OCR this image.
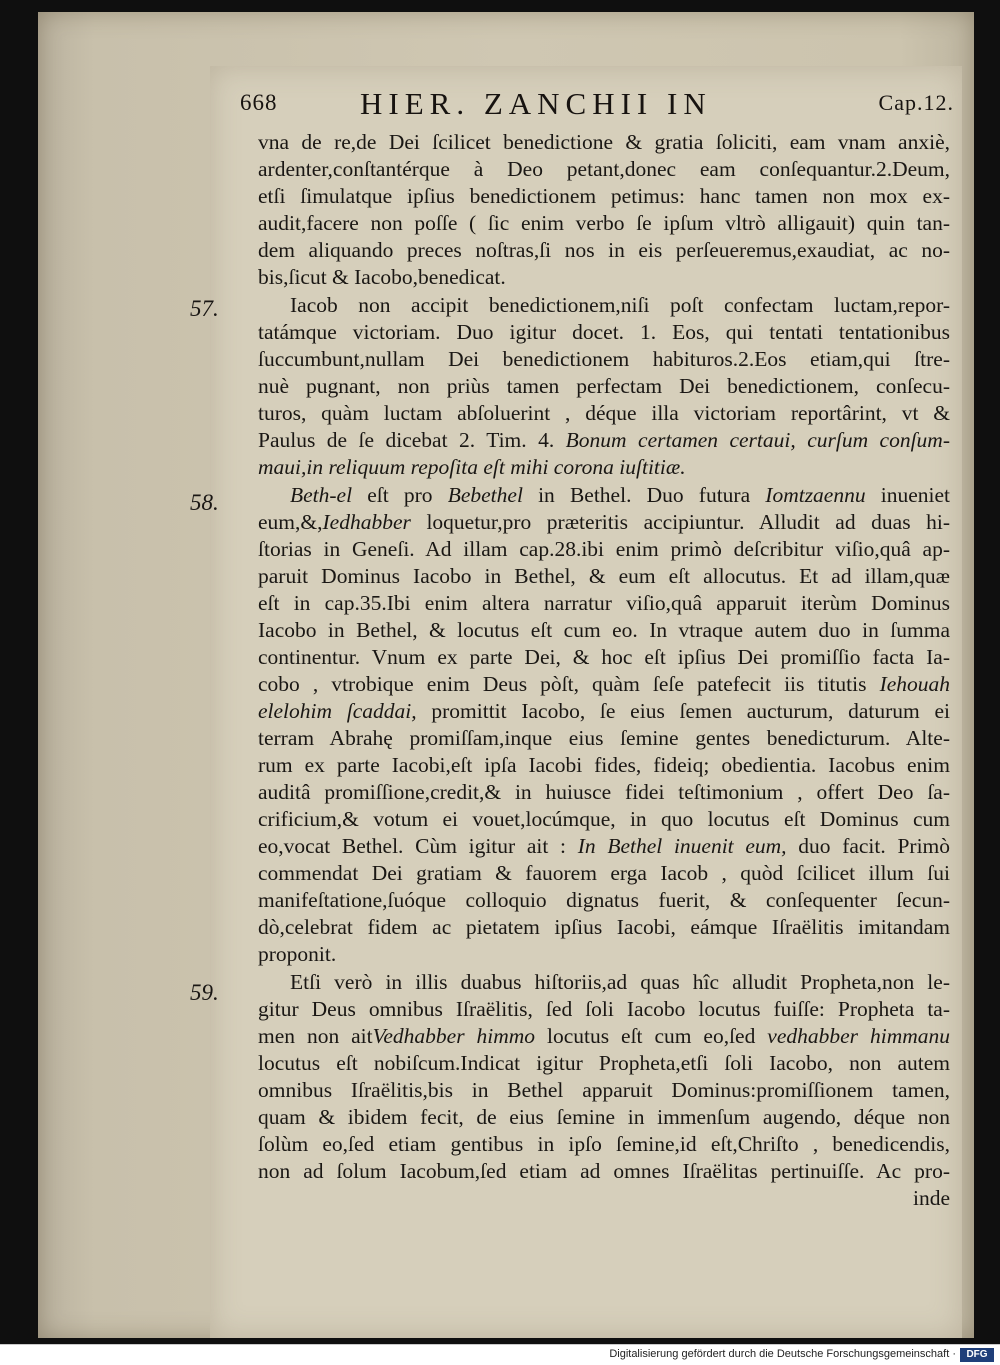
668	HIER. ZANCHII IN	Cap.12.
57.
58.
59.
vna de re,de Dei ſcilicet benedictione & gratia ſoliciti, eam vnam anxiè,
ardenter,conſtantérque à Deo petant,donec eam conſequantur.2.Deum,
etſi ſimulatque ipſius benedictionem petimus: hanc tamen non mox ex-
audit,facere non poſſe ( ſic enim verbo ſe ipſum vltrò alligauit) quin tan-
dem aliquando preces noſtras,ſi nos in eis perſeueremus,exaudiat, ac no-
bis,ſicut & Iacobo,benedicat.
Iacob non accipit benedictionem,niſi poſt confectam luctam,repor-
tatámque victoriam. Duo igitur docet. 1. Eos, qui tentati tentationibus
ſuccumbunt,nullam Dei benedictionem habituros.2.Eos etiam,qui ſtre-
nuè pugnant, non priùs tamen perfectam Dei benedictionem, conſecu-
turos, quàm luctam abſoluerint , déque illa victoriam reportârint, vt &
Paulus de ſe dicebat 2. Tim. 4. Bonum certamen certaui, curſum conſum-
maui,in reliquum repoſita eſt mihi corona iuſtitiæ.
Beth-el eſt pro Bebethel in Bethel. Duo futura Iomtzaennu inueniet
eum,&,Iedhabber loquetur,pro præteritis accipiuntur. Alludit ad duas hi-
ſtorias in Geneſi. Ad illam cap.28.ibi enim primò deſcribitur viſio,quâ ap-
paruit Dominus Iacobo in Bethel, & eum eſt allocutus. Et ad illam,quæ
eſt in cap.35.Ibi enim altera narratur viſio,quâ apparuit iterùm Dominus
Iacobo in Bethel, & locutus eſt cum eo. In vtraque autem duo in ſumma
continentur. Vnum ex parte Dei, & hoc eſt ipſius Dei promiſſio facta Ia-
cobo , vtrobique enim Deus pòſt, quàm ſeſe patefecit iis titutis Iehouah
elelohim ſcaddai, promittit Iacobo, ſe eius ſemen aucturum, daturum ei
terram Abrahę promiſſam,inque eius ſemine gentes benedicturum. Alte-
rum ex parte Iacobi,eſt ipſa Iacobi fides, fideiq; obedientia. Iacobus enim
auditâ promiſſione,credit,& in huiusce fidei teſtimonium , offert Deo ſa-
crificium,& votum ei vouet,locúmque, in quo locutus eſt Dominus cum
eo,vocat Bethel. Cùm igitur ait : In Bethel inuenit eum, duo facit. Primò
commendat Dei gratiam & fauorem erga Iacob , quòd ſcilicet illum ſui
manifeſtatione,ſuóque colloquio dignatus fuerit, & conſequenter ſecun-
dò,celebrat fidem ac pietatem ipſius Iacobi, eámque Iſraëlitis imitandam
proponit.
Etſi verò in illis duabus hiſtoriis,ad quas hîc alludit Propheta,non le-
gitur Deus omnibus Iſraëlitis, ſed ſoli Iacobo locutus fuiſſe: Propheta ta-
men non aitVedhabber himmo locutus eſt cum eo,ſed vedhabber himmanu
locutus eſt nobiſcum.Indicat igitur Propheta,etſi ſoli Iacobo, non autem
omnibus Iſraëlitis,bis in Bethel apparuit Dominus:promiſſionem tamen,
quam & ibidem fecit, de eius ſemine in immenſum augendo, déque non
ſolùm eo,ſed etiam gentibus in ipſo ſemine,id eſt,Chriſto , benedicendis,
non ad ſolum Iacobum,ſed etiam ad omnes Iſraëlitas pertinuiſſe. Ac pro-
inde
Digitalisierung gefördert durch die Deutsche Forschungsgemeinschaft ·	DFG
